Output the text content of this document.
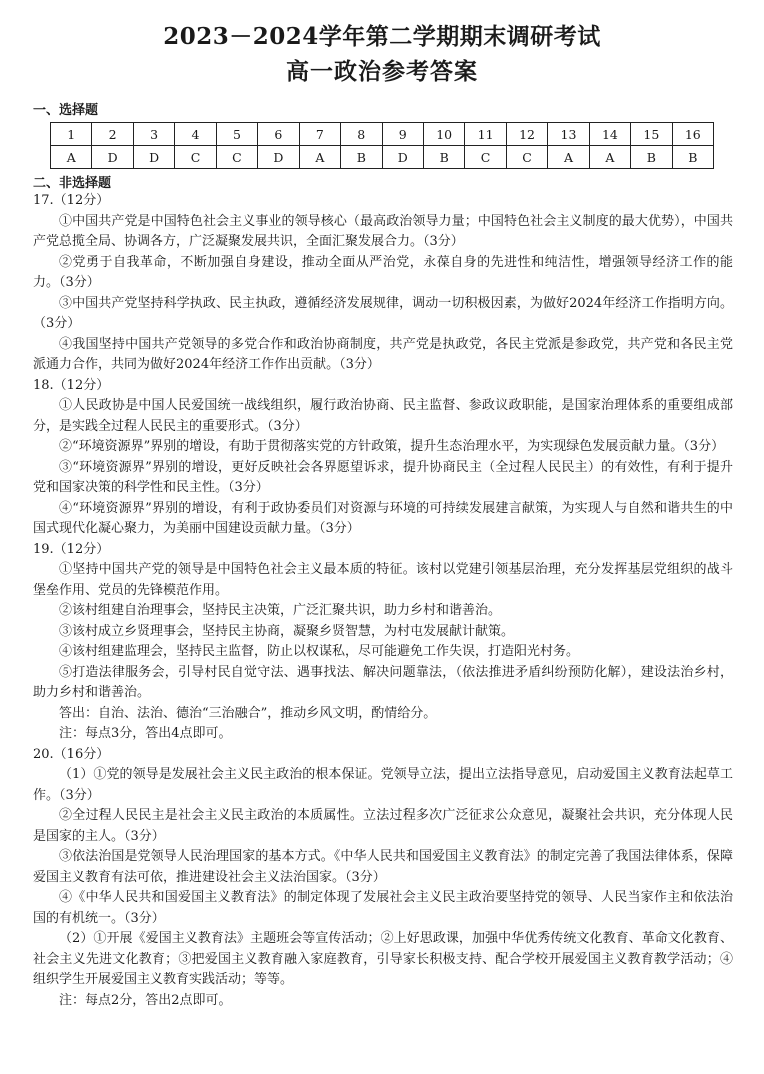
2023－2024学年第二学期期末调研考试
高一政治参考答案
一、选择题
1	2	3	4	5	6	7	8	9	10	11	12	13	14	15	16
A	D	D	C	C	D	A	B	D	B	C	C	A	A	B	B
二、非选择题

17.（12分）

①中国共产党是中国特色社会主义事业的领导核心（最高政治领导力量；中国特色社会主义制度的最大优势），中国共产党总揽全局、协调各方，广泛凝聚发展共识，全面汇聚发展合力。（3分）

②党勇于自我革命，不断加强自身建设，推动全面从严治党，永葆自身的先进性和纯洁性，增强领导经济工作的能力。（3分）

③中国共产党坚持科学执政、民主执政，遵循经济发展规律，调动一切积极因素，为做好2024年经济工作指明方向。（3分）

④我国坚持中国共产党领导的多党合作和政治协商制度，共产党是执政党，各民主党派是参政党，共产党和各民主党派通力合作，共同为做好2024年经济工作作出贡献。（3分）

18.（12分）

①人民政协是中国人民爱国统一战线组织，履行政治协商、民主监督、参政议政职能，是国家治理体系的重要组成部分，是实践全过程人民民主的重要形式。（3分）

②“环境资源界”界别的增设，有助于贯彻落实党的方针政策，提升生态治理水平，为实现绿色发展贡献力量。（3分）

③“环境资源界”界别的增设，更好反映社会各界愿望诉求，提升协商民主（全过程人民民主）的有效性，有利于提升党和国家决策的科学性和民主性。（3分）

④“环境资源界”界别的增设，有利于政协委员们对资源与环境的可持续发展建言献策，为实现人与自然和谐共生的中国式现代化凝心聚力，为美丽中国建设贡献力量。（3分）

19.（12分）

①坚持中国共产党的领导是中国特色社会主义最本质的特征。该村以党建引领基层治理，充分发挥基层党组织的战斗堡垒作用、党员的先锋模范作用。

②该村组建自治理事会，坚持民主决策，广泛汇聚共识，助力乡村和谐善治。

③该村成立乡贤理事会，坚持民主协商，凝聚乡贤智慧，为村屯发展献计献策。

④该村组建监理会，坚持民主监督，防止以权谋私，尽可能避免工作失误，打造阳光村务。

⑤打造法律服务会，引导村民自觉守法、遇事找法、解决问题靠法，（依法推进矛盾纠纷预防化解），建设法治乡村，助力乡村和谐善治。

答出：自治、法治、德治“三治融合”，推动乡风文明，酌情给分。

注：每点3分，答出4点即可。

20.（16分）

（1）①党的领导是发展社会主义民主政治的根本保证。党领导立法，提出立法指导意见，启动爱国主义教育法起草工作。（3分）

②全过程人民民主是社会主义民主政治的本质属性。立法过程多次广泛征求公众意见，凝聚社会共识，充分体现人民是国家的主人。（3分）

③依法治国是党领导人民治理国家的基本方式。《中华人民共和国爱国主义教育法》的制定完善了我国法律体系，保障爱国主义教育有法可依，推进建设社会主义法治国家。（3分）

④《中华人民共和国爱国主义教育法》的制定体现了发展社会主义民主政治要坚持党的领导、人民当家作主和依法治国的有机统一。（3分）

（2）①开展《爱国主义教育法》主题班会等宣传活动；②上好思政课，加强中华优秀传统文化教育、革命文化教育、社会主义先进文化教育；③把爱国主义教育融入家庭教育，引导家长积极支持、配合学校开展爱国主义教育教学活动；④组织学生开展爱国主义教育实践活动；等等。

注：每点2分，答出2点即可。
